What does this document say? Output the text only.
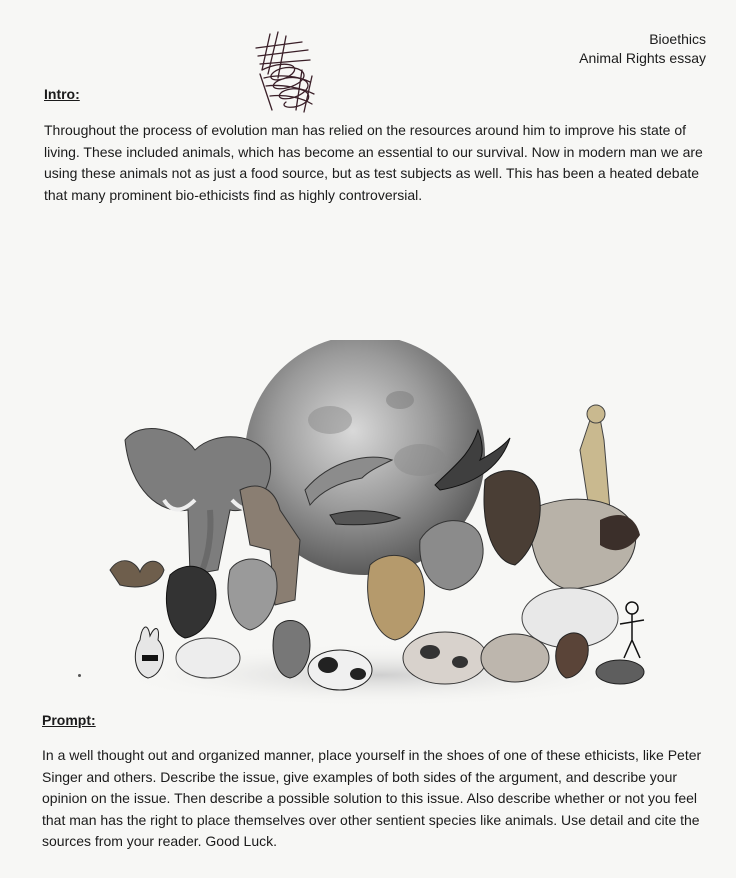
Bioethics
Animal Rights essay
Intro:
Throughout the process of evolution man has relied on the resources around him to improve his state of living. These included animals, which has become an essential to our survival. Now in modern man we are using these animals not as just a food source, but as test subjects as well. This has been a heated debate that many prominent bio-ethicists find as highly controversial.
Prompt:
In a well thought out and organized manner, place yourself in the shoes of one of these ethicists, like Peter Singer and others. Describe the issue, give examples of both sides of the argument, and describe your opinion on the issue. Then describe a possible solution to this issue. Also describe whether or not you feel that man has the right to place themselves over other sentient species like animals. Use detail and cite the sources from your reader. Good Luck.
